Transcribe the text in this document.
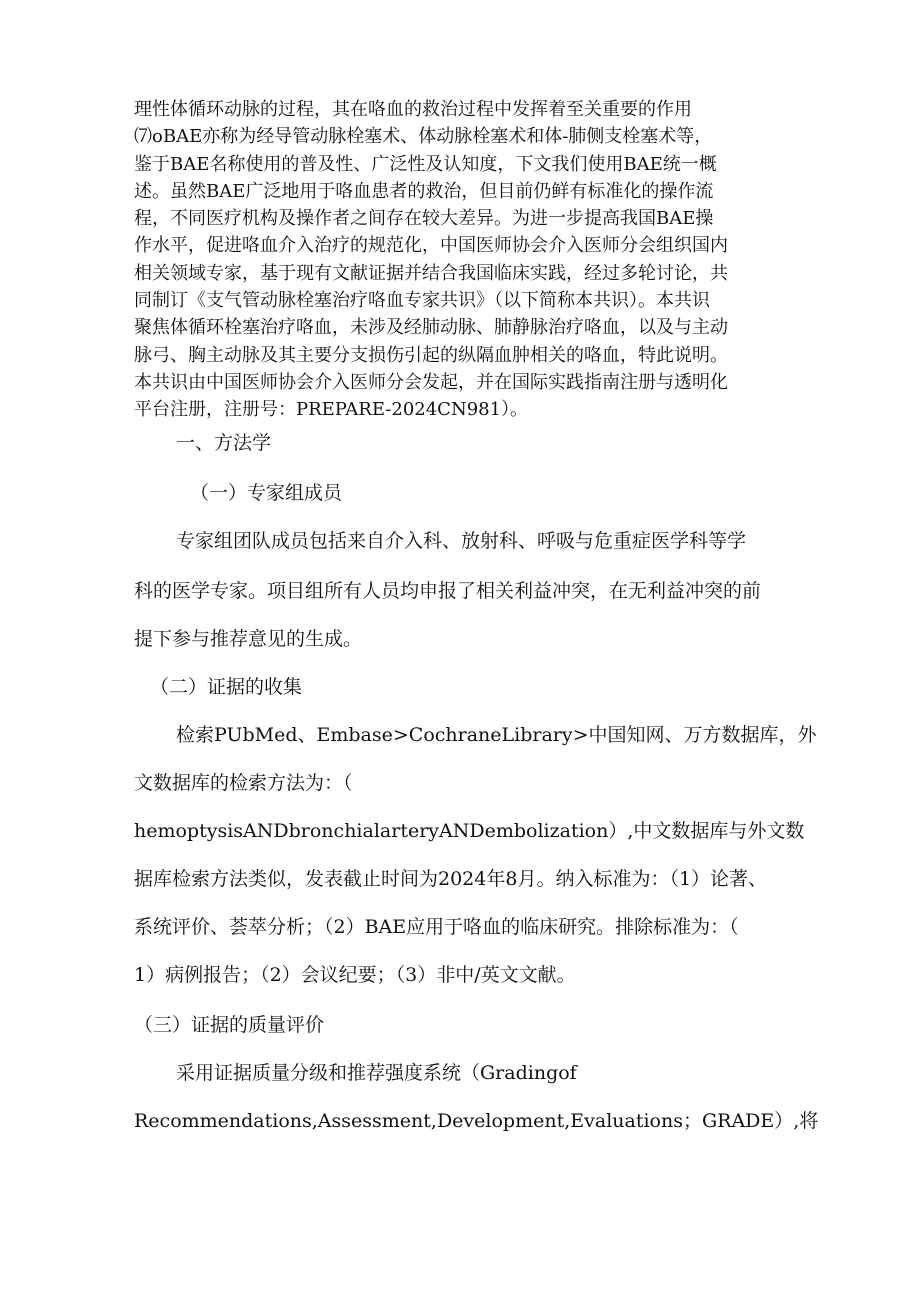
理性体循环动脉的过程，其在咯血的救治过程中发挥着至关重要的作用
⑺oBAE亦称为经导管动脉栓塞术、体动脉栓塞术和体-肺侧支栓塞术等，
鉴于BAE名称使用的普及性、广泛性及认知度，下文我们使用BAE统一概
述。虽然BAE广泛地用于咯血患者的救治，但目前仍鲜有标准化的操作流
程，不同医疗机构及操作者之间存在较大差异。为进一步提高我国BAE操
作水平，促进咯血介入治疗的规范化，中国医师协会介入医师分会组织国内
相关领域专家，基于现有文献证据并结合我国临床实践，经过多轮讨论，共
同制订《支气管动脉栓塞治疗咯血专家共识》（以下简称本共识）。本共识
聚焦体循环栓塞治疗咯血，未涉及经肺动脉、肺静脉治疗咯血，以及与主动
脉弓、胸主动脉及其主要分支损伤引起的纵隔血肿相关的咯血，特此说明。
本共识由中国医师协会介入医师分会发起，并在国际实践指南注册与透明化
平台注册，注册号：PREPARE-2024CN981）。
一、方法学
（一）专家组成员
专家组团队成员包括来自介入科、放射科、呼吸与危重症医学科等学
科的医学专家。项目组所有人员均申报了相关利益冲突，在无利益冲突的前
提下参与推荐意见的生成。
（二）证据的收集
检索PUbMed、Embase>CochraneLibrary>中国知网、万方数据库，外
文数据库的检索方法为：（
hemoptysisANDbronchialarteryANDembolization）,中文数据库与外文数
据库检索方法类似，发表截止时间为2024年8月。纳入标准为：（1）论著、
系统评价、荟萃分析；（2）BAE应用于咯血的临床研究。排除标准为：（
1）病例报告；（2）会议纪要；（3）非中/英文文献。
（三）证据的质量评价
采用证据质量分级和推荐强度系统（Gradingof
Recommendations,Assessment,Development,Evaluations；GRADE）,将
